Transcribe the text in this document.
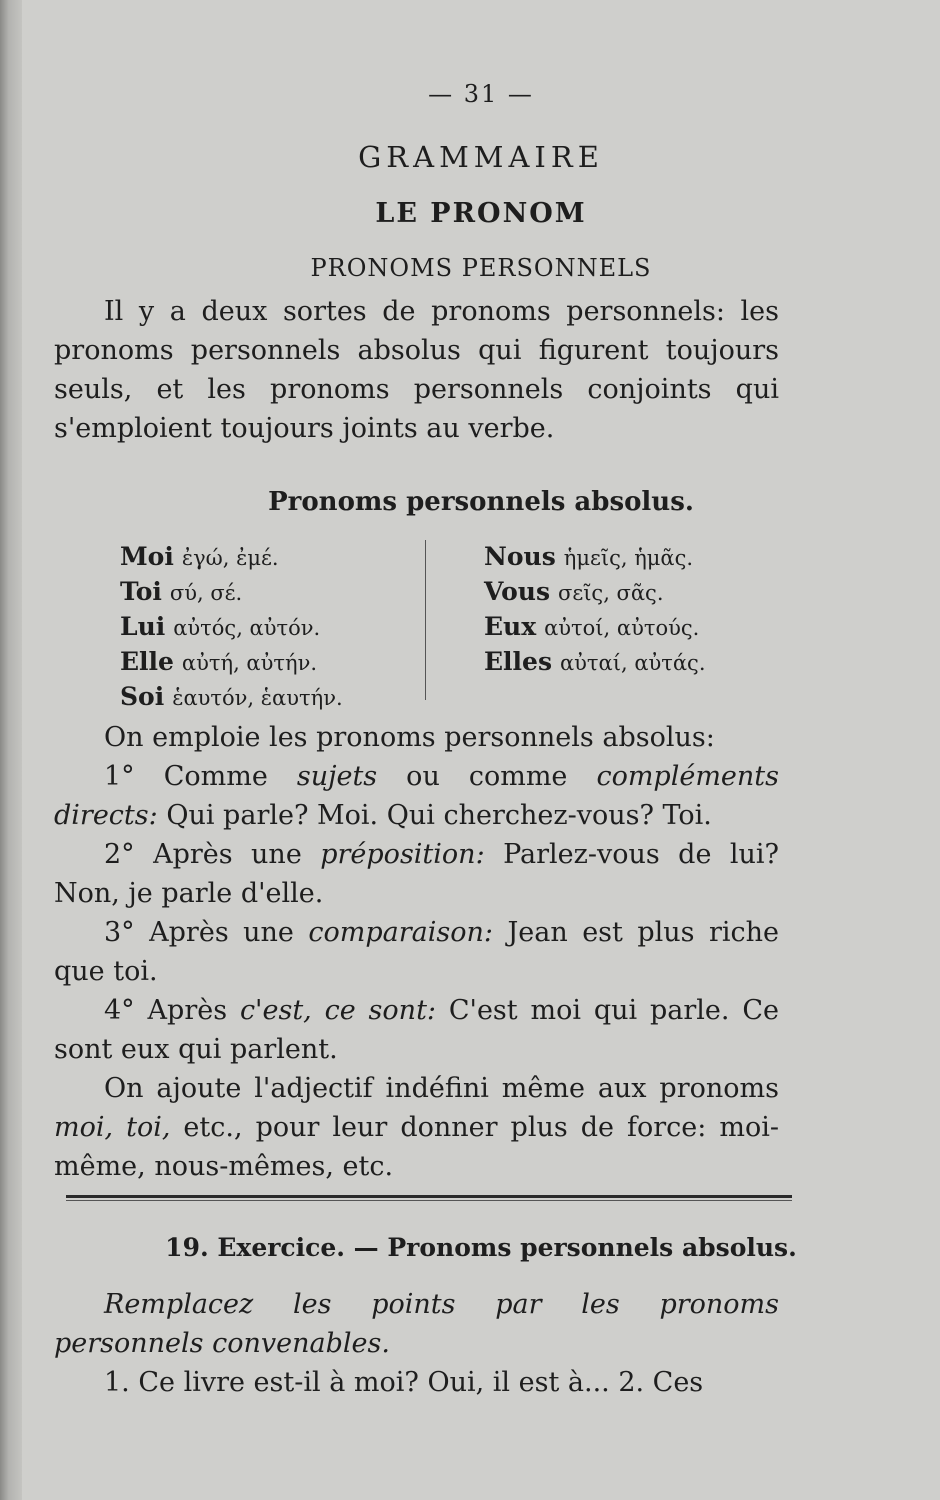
— 31 —
GRAMMAIRE
LE PRONOM
PRONOMS PERSONNELS

Il y a deux sortes de pronoms personnels: les pronoms personnels absolus qui figurent toujours seuls, et les pronoms personnels conjoints qui s'emploient toujours joints au verbe.

Pronoms personnels absolus.
Moi ἐγώ, ἐμέ.
Toi σύ, σέ.
Lui αὐτός, αὐτόν.
Elle αὐτή, αὐτήν.
Soi ἑαυτόν, ἑαυτήν.
Nous ἡμεῖς, ἡμᾶς.
Vous σεῖς, σᾶς.
Eux αὐτοί, αὐτούς.
Elles αὐταί, αὐτάς.

On emploie les pronoms personnels absolus:

1° Comme sujets ou comme compléments directs: Qui parle? Moi. Qui cherchez-vous? Toi.

2° Après une préposition: Parlez-vous de lui? Non, je parle d'elle.

3° Après une comparaison: Jean est plus riche que toi.

4° Après c'est, ce sont: C'est moi qui parle. Ce sont eux qui parlent.

On ajoute l'adjectif indéfini même aux pronoms moi, toi, etc., pour leur donner plus de force: moi-même, nous-mêmes, etc.

19. Exercice. — Pronoms personnels absolus.

Remplacez les points par les pronoms personnels convenables.

1. Ce livre est-il à moi? Oui, il est à... 2. Ces
